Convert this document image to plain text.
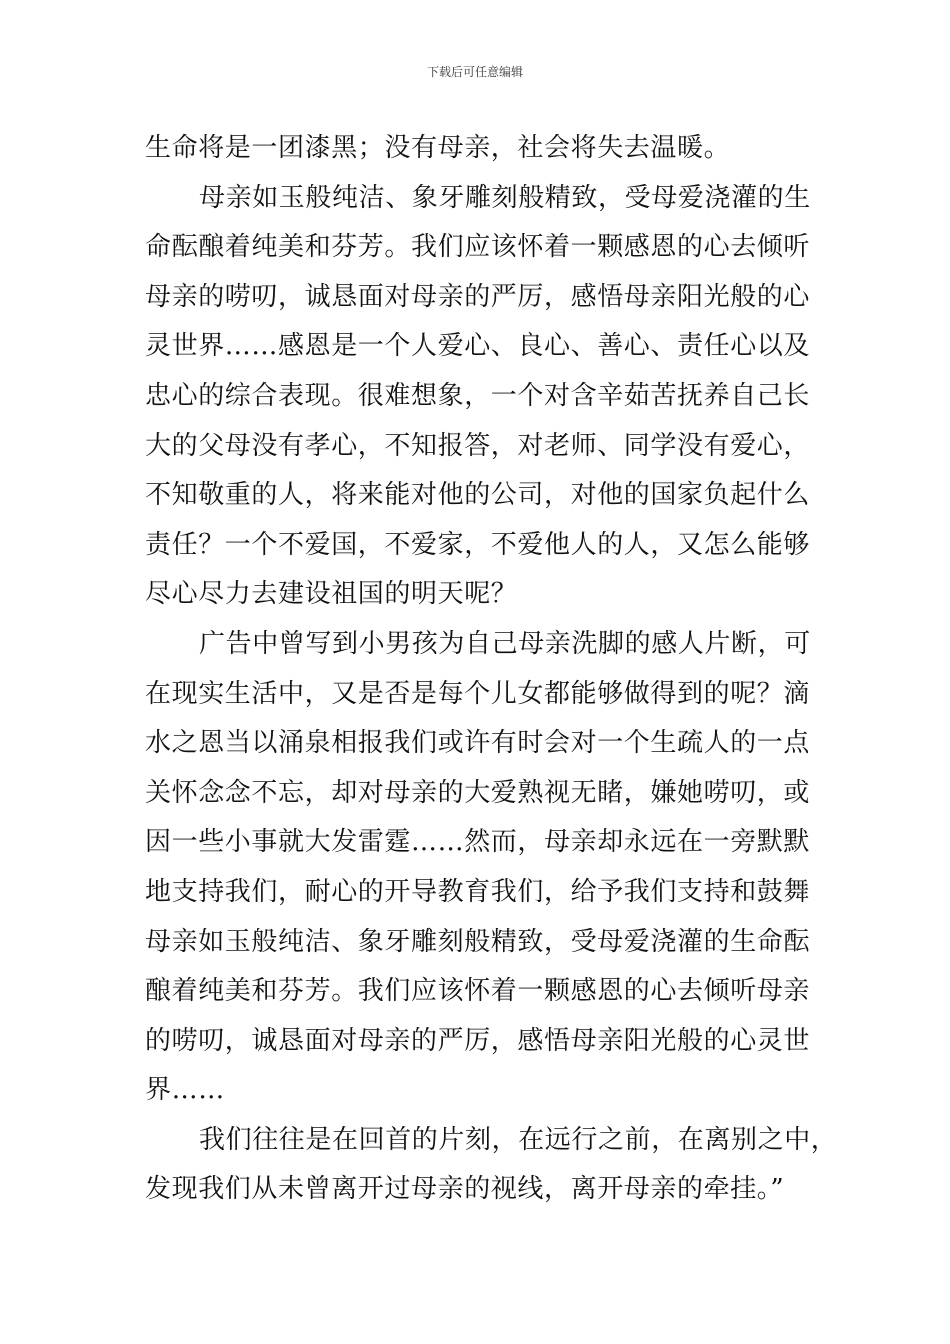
下载后可任意编辑
生命将是一团漆黑；没有母亲，社会将失去温暖。
母亲如玉般纯洁、象牙雕刻般精致，受母爱浇灌的生
命酝酿着纯美和芬芳。我们应该怀着一颗感恩的心去倾听
母亲的唠叨，诚恳面对母亲的严厉，感悟母亲阳光般的心
灵世界……感恩是一个人爱心、良心、善心、责任心以及
忠心的综合表现。很难想象，一个对含辛茹苦抚养自己长
大的父母没有孝心，不知报答，对老师、同学没有爱心，
不知敬重的人，将来能对他的公司，对他的国家负起什么
责任？一个不爱国，不爱家，不爱他人的人，又怎么能够
尽心尽力去建设祖国的明天呢？
广告中曾写到小男孩为自己母亲洗脚的感人片断，可
在现实生活中，又是否是每个儿女都能够做得到的呢？滴
水之恩当以涌泉相报我们或许有时会对一个生疏人的一点
关怀念念不忘，却对母亲的大爱熟视无睹，嫌她唠叨，或
因一些小事就大发雷霆……然而，母亲却永远在一旁默默
地支持我们，耐心的开导教育我们，给予我们支持和鼓舞
母亲如玉般纯洁、象牙雕刻般精致，受母爱浇灌的生命酝
酿着纯美和芬芳。我们应该怀着一颗感恩的心去倾听母亲
的唠叨，诚恳面对母亲的严厉，感悟母亲阳光般的心灵世
界……
我们往往是在回首的片刻，在远行之前，在离别之中，
发现我们从未曾离开过母亲的视线，离开母亲的牵挂。”
